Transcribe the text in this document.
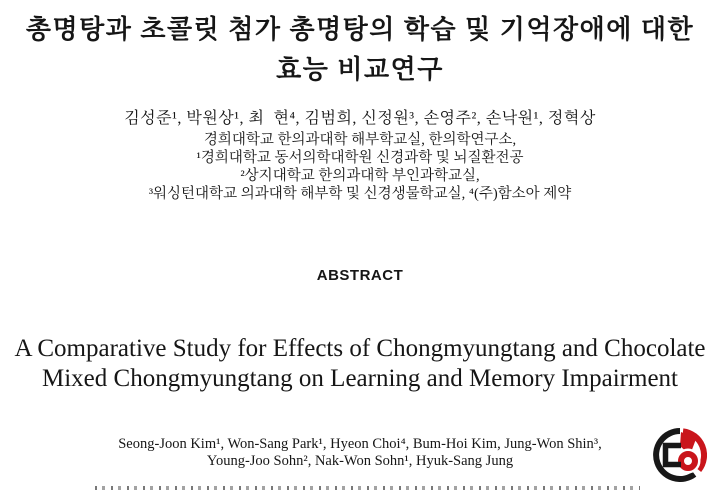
총명탕과 초콜릿 첨가 총명탕의 학습 및 기억장애에 대한
효능 비교연구
김성준¹, 박원상¹, 최  현⁴, 김범희, 신정원³, 손영주², 손낙원¹, 정혁상
경희대학교 한의과대학 해부학교실, 한의학연구소,
¹경희대학교 동서의학대학원 신경과학 및 뇌질환전공
²상지대학교 한의과대학 부인과학교실,
³워싱턴대학교 의과대학 해부학 및 신경생물학교실, ⁴(주)함소아 제약
ABSTRACT
A Comparative Study for Effects of Chongmyungtang and Chocolate
Mixed Chongmyungtang on Learning and Memory Impairment
Seong-Joon Kim¹, Won-Sang Park¹, Hyeon Choi⁴, Bum-Hoi Kim, Jung-Won Shin³,
Young-Joo Sohn², Nak-Won Sohn¹, Hyuk-Sang Jung
